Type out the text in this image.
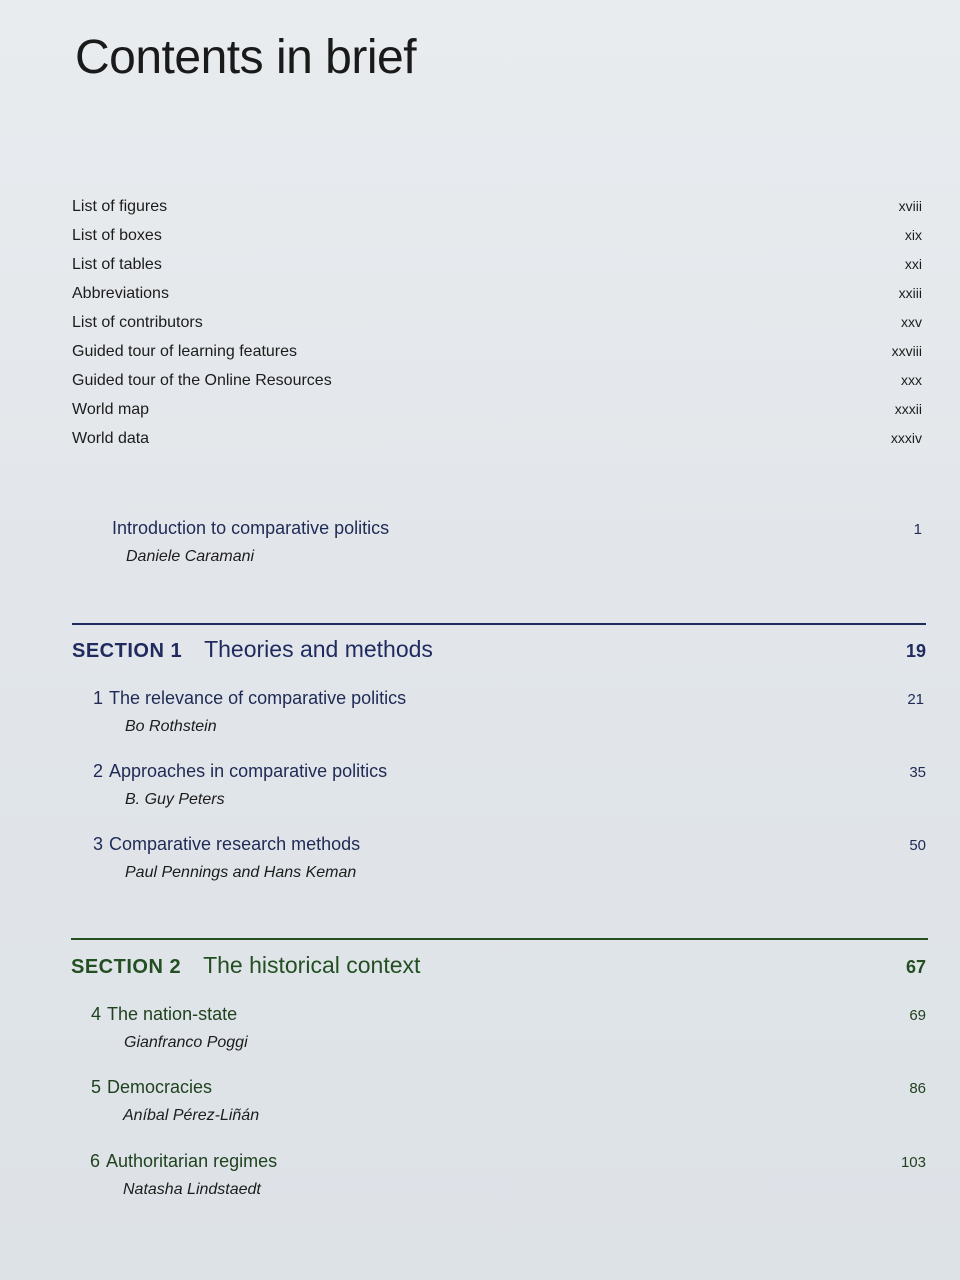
Contents in brief
List of figures	xviii
List of boxes	xix
List of tables	xxi
Abbreviations	xxiii
List of contributors	xxv
Guided tour of learning features	xxviii
Guided tour of the Online Resources	xxx
World map	xxxii
World data	xxxiv
Introduction to comparative politics	1
Daniele Caramani
SECTION 1 Theories and methods	19
1 The relevance of comparative politics	21
Bo Rothstein
2 Approaches in comparative politics	35
B. Guy Peters
3 Comparative research methods	50
Paul Pennings and Hans Keman
SECTION 2 The historical context	67
4 The nation-state	69
Gianfranco Poggi
5 Democracies	86
Aníbal Pérez-Liñán
6 Authoritarian regimes	103
Natasha Lindstaedt
